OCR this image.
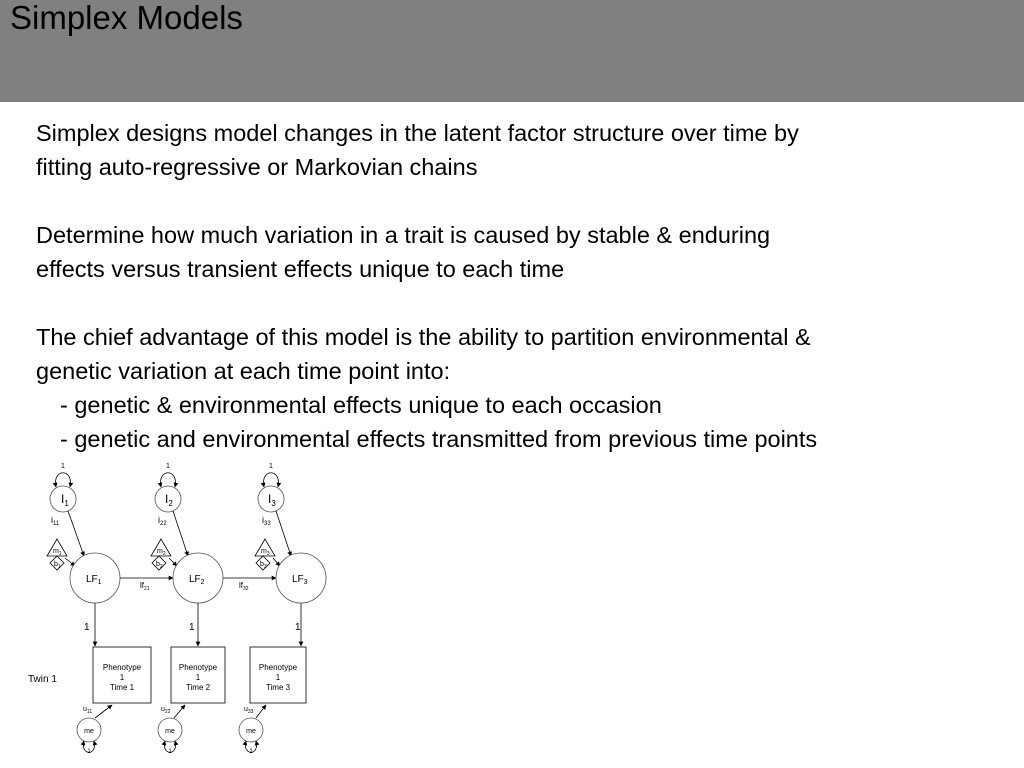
Simplex Models

Simplex designs model changes in the latent factor structure over time by

fitting auto-regressive or Markovian chains

Determine how much variation in a trait is caused by stable & enduring

effects versus transient effects unique to each time

The chief advantage of this model is the ability to partition environmental &

genetic variation at each time point into:

- genetic & environmental effects unique to each occasion

- genetic and environmental effects transmitted from previous time points

Twin 1
1
$I_1$
$i_{11}$
$m_1$
$b_1$
$LF_1$
1
Phenotype
1
Time 1
$u_{11}$
me
1
$lf_{21}$
1
$I_2$
$i_{22}$
$m_2$
$b_2$
$LF_2$
1
Phenotype
1
Time 2
$u_{22}$
me
1
$lf_{32}$
1
$I_3$
$i_{33}$
$m_3$
$b_3$
$LF_3$
1
Phenotype
1
Time 3
$u_{33}$
me
1
